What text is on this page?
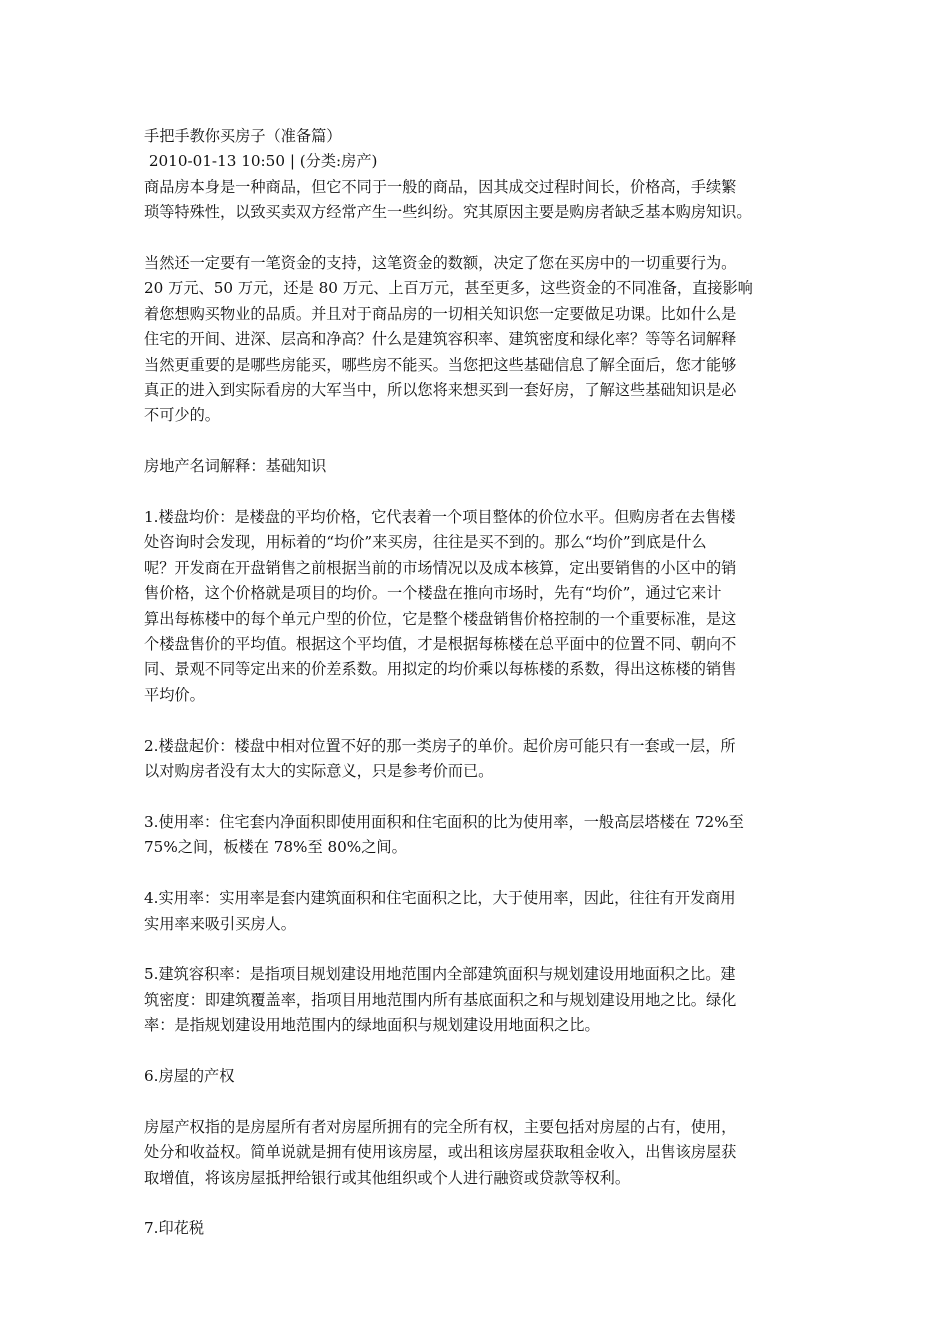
手把手教你买房子（准备篇）

2010-01-13 10:50 | (分类:房产)

商品房本身是一种商品，但它不同于一般的商品，因其成交过程时间长，价格高，手续繁

琐等特殊性，以致买卖双方经常产生一些纠纷。究其原因主要是购房者缺乏基本购房知识。

当然还一定要有一笔资金的支持，这笔资金的数额，决定了您在买房中的一切重要行为。

20 万元、50 万元，还是 80 万元、上百万元，甚至更多，这些资金的不同准备，直接影响

着您想购买物业的品质。并且对于商品房的一切相关知识您一定要做足功课。比如什么是

住宅的开间、进深、层高和净高？什么是建筑容积率、建筑密度和绿化率？等等名词解释

当然更重要的是哪些房能买，哪些房不能买。当您把这些基础信息了解全面后，您才能够

真正的进入到实际看房的大军当中，所以您将来想买到一套好房，了解这些基础知识是必

不可少的。

房地产名词解释：基础知识

1.楼盘均价：是楼盘的平均价格，它代表着一个项目整体的价位水平。但购房者在去售楼

处咨询时会发现，用标着的“均价”来买房，往往是买不到的。那么“均价”到底是什么

呢？开发商在开盘销售之前根据当前的市场情况以及成本核算，定出要销售的小区中的销

售价格，这个价格就是项目的均价。一个楼盘在推向市场时，先有“均价”，通过它来计

算出每栋楼中的每个单元户型的价位，它是整个楼盘销售价格控制的一个重要标准，是这

个楼盘售价的平均值。根据这个平均值，才是根据每栋楼在总平面中的位置不同、朝向不

同、景观不同等定出来的价差系数。用拟定的均价乘以每栋楼的系数，得出这栋楼的销售

平均价。

2.楼盘起价：楼盘中相对位置不好的那一类房子的单价。起价房可能只有一套或一层，所

以对购房者没有太大的实际意义，只是参考价而已。

3.使用率：住宅套内净面积即使用面积和住宅面积的比为使用率，一般高层塔楼在 72%至

75%之间，板楼在 78%至 80%之间。

4.实用率：实用率是套内建筑面积和住宅面积之比，大于使用率，因此，往往有开发商用

实用率来吸引买房人。

5.建筑容积率：是指项目规划建设用地范围内全部建筑面积与规划建设用地面积之比。建

筑密度：即建筑覆盖率，指项目用地范围内所有基底面积之和与规划建设用地之比。绿化

率：是指规划建设用地范围内的绿地面积与规划建设用地面积之比。

6.房屋的产权

房屋产权指的是房屋所有者对房屋所拥有的完全所有权，主要包括对房屋的占有，使用，

处分和收益权。简单说就是拥有使用该房屋，或出租该房屋获取租金收入，出售该房屋获

取增值，将该房屋抵押给银行或其他组织或个人进行融资或贷款等权利。

7.印花税
